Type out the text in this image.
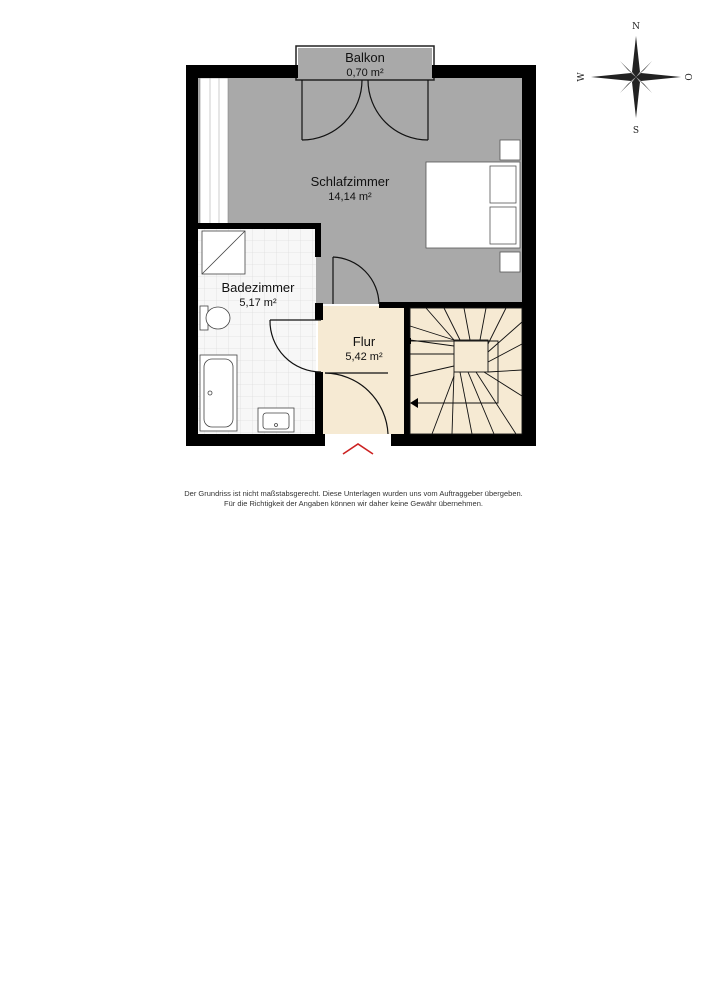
Balkon
0,70 m²
Schlafzimmer
14,14 m²
Badezimmer
5,17 m²
Flur
5,42 m²
N
S
W	O
Der Grundriss ist nicht maßstabsgerecht. Diese Unterlagen wurden uns vom Auftraggeber übergeben.
Für die Richtigkeit der Angaben können wir daher keine Gewähr übernehmen.
